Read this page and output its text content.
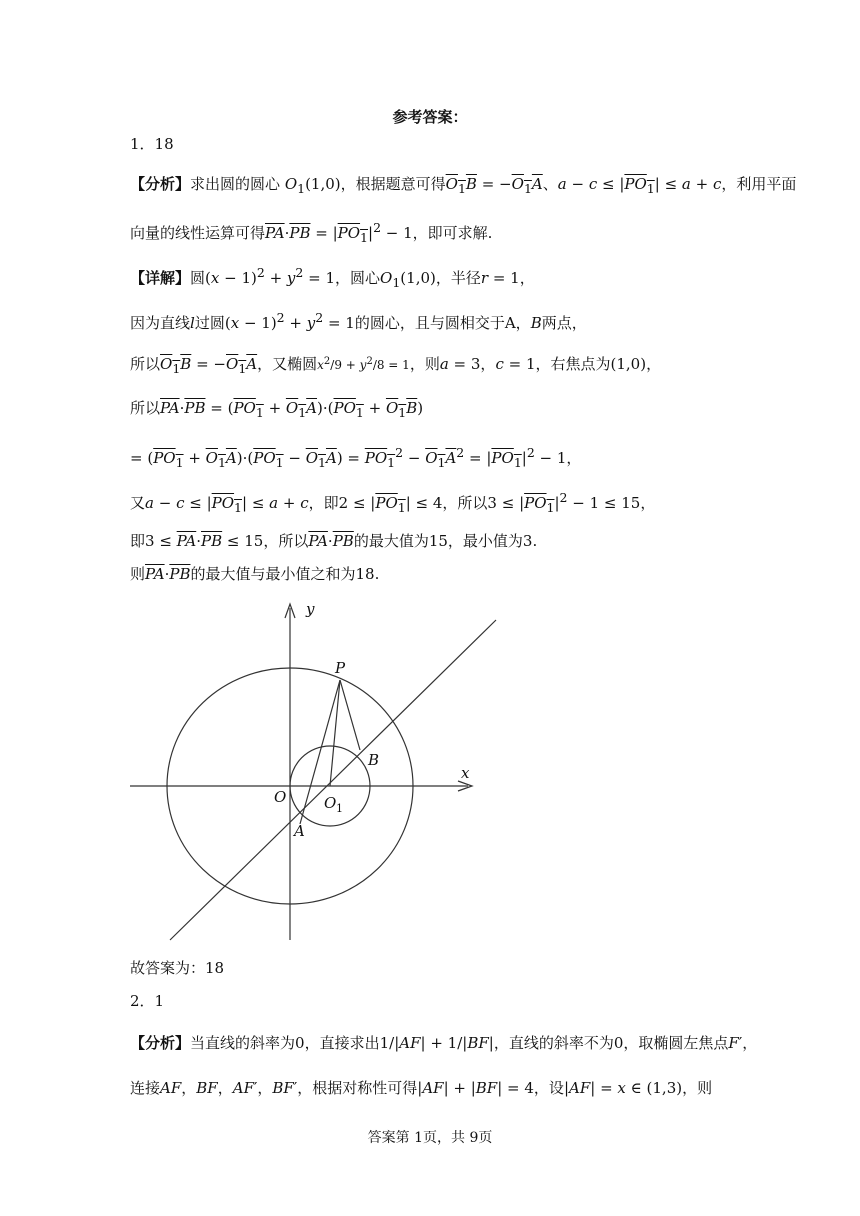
参考答案：
1．18
【分析】求出圆的圆心 $O_1(1,0)$，根据题意可得$O_1B = -O_1A$、$a - c \le |PO_1| \le a + c$，利用平面
向量的线性运算可得$\overline{PA}\cdot\overline{PB} = |PO_1|^2 - 1$，即可求解.
【详解】圆$(x - 1)^2 + y^2 = 1$，圆心$O_1(1,0)$，半径r = 1，
因为直线l过圆$(x - 1)^2 + y^2 = 1$的圆心，且与圆相交于A，B两点，
所以$O_1B = -O_1A$，又椭圆$x^2/9 + y^2/8 = 1$，则a = 3，c = 1，右焦点为(1,0)，
所以$\overline{PA}\cdot\overline{PB} = (PO_1 + O_1A)\cdot(PO_1 + O_1B)$
= $(PO_1 + O_1A)\cdot(PO_1 - O_1A) = PO_1^2 - O_1A^2 = |PO_1|^2 - 1$，
又$a - c \le |PO_1| \le a + c$，即$2 \le |PO_1| \le 4$，所以$3 \le |PO_1|^2 - 1 \le 15$，
即$3 \le \overline{PA}\cdot\overline{PB} \le 15$，所以$\overline{PA}\cdot\overline{PB}$的最大值为15，最小值为3.
则$\overline{PA}\cdot\overline{PB}$的最大值与最小值之和为18.
y
x
P
B
O	O 1
A
故答案为：18
2．1
【分析】当直线的斜率为0，直接求出1/|AF| + 1/|BF|，直线的斜率不为0，取椭圆左焦点F′，
连接AF，BF，AF′，BF′，根据对称性可得|AF| + |BF| = 4，设|AF| = x ∈ (1,3)，则
答案第 1页，共 9页
